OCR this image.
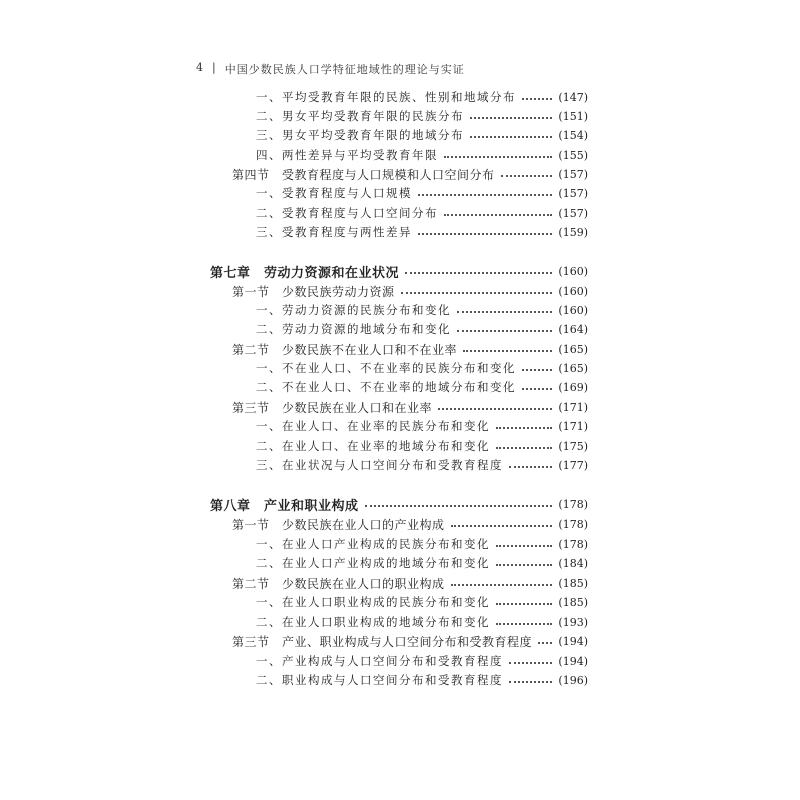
4 | 中国少数民族人口学特征地域性的理论与实证
一、平均受教育年限的民族、性别和地域分布	(147)
二、男女平均受教育年限的民族分布	(151)
三、男女平均受教育年限的地域分布	(154)
四、两性差异与平均受教育年限	(155)
第四节　受教育程度与人口规模和人口空间分布	(157)
一、受教育程度与人口规模	(157)
二、受教育程度与人口空间分布	(157)
三、受教育程度与两性差异	(159)
第七章　劳动力资源和在业状况	(160)
第一节　少数民族劳动力资源	(160)
一、劳动力资源的民族分布和变化	(160)
二、劳动力资源的地域分布和变化	(164)
第二节　少数民族不在业人口和不在业率	(165)
一、不在业人口、不在业率的民族分布和变化	(165)
二、不在业人口、不在业率的地域分布和变化	(169)
第三节　少数民族在业人口和在业率	(171)
一、在业人口、在业率的民族分布和变化	(171)
二、在业人口、在业率的地域分布和变化	(175)
三、在业状况与人口空间分布和受教育程度	(177)
第八章　产业和职业构成	(178)
第一节　少数民族在业人口的产业构成	(178)
一、在业人口产业构成的民族分布和变化	(178)
二、在业人口产业构成的地域分布和变化	(184)
第二节　少数民族在业人口的职业构成	(185)
一、在业人口职业构成的民族分布和变化	(185)
二、在业人口职业构成的地域分布和变化	(193)
第三节　产业、职业构成与人口空间分布和受教育程度 (194)
一、产业构成与人口空间分布和受教育程度	(194)
二、职业构成与人口空间分布和受教育程度	(196)
